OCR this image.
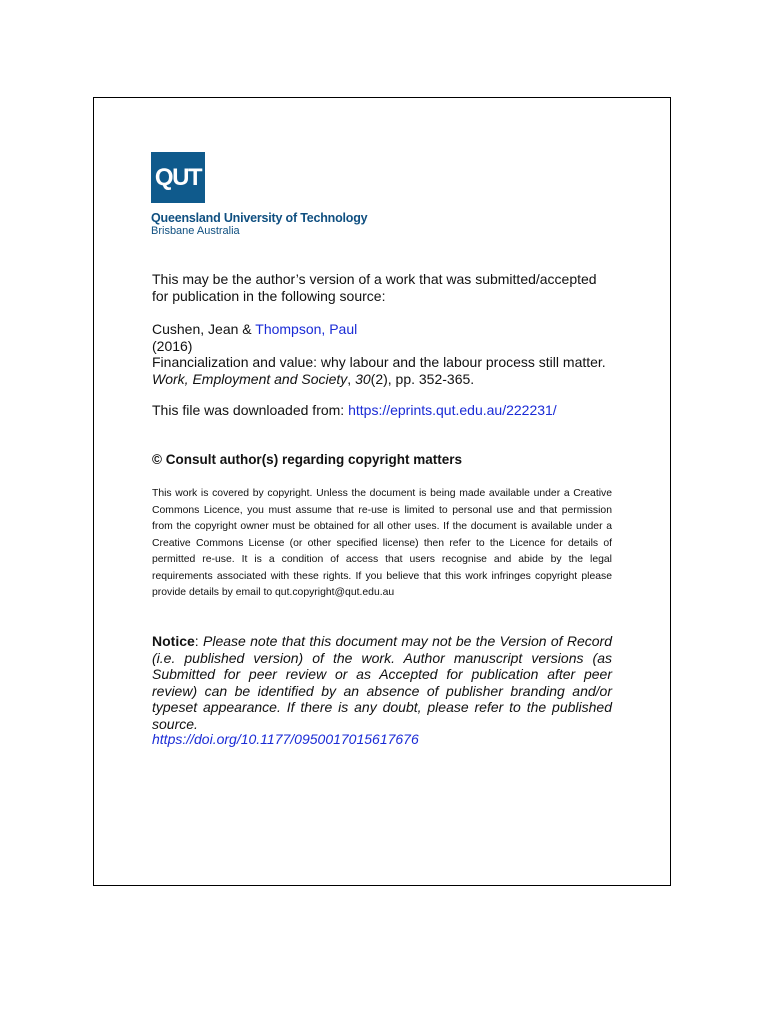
QUT
Queensland University of Technology
Brisbane Australia
This may be the author’s version of a work that was submitted/accepted for publication in the following source:

Cushen, Jean & Thompson, Paul

(2016)

Financialization and value: why labour and the labour process still matter.

Work, Employment and Society, 30(2), pp. 352-365.

This file was downloaded from: https://eprints.qut.edu.au/222231/
© Consult author(s) regarding copyright matters
This work is covered by copyright. Unless the document is being made available under a Creative Commons Licence, you must assume that re-use is limited to personal use and that permission from the copyright owner must be obtained for all other uses. If the document is available under a Creative Commons License (or other specified license) then refer to the Licence for details of permitted re-use. It is a condition of access that users recognise and abide by the legal requirements associated with these rights. If you believe that this work infringes copyright please provide details by email to qut.copyright@qut.edu.au
Notice: Please note that this document may not be the Version of Record (i.e. published version) of the work. Author manuscript versions (as Submitted for peer review or as Accepted for publication after peer review) can be identified by an absence of publisher branding and/or typeset appearance. If there is any doubt, please refer to the published source.
https://doi.org/10.1177/0950017015617676
